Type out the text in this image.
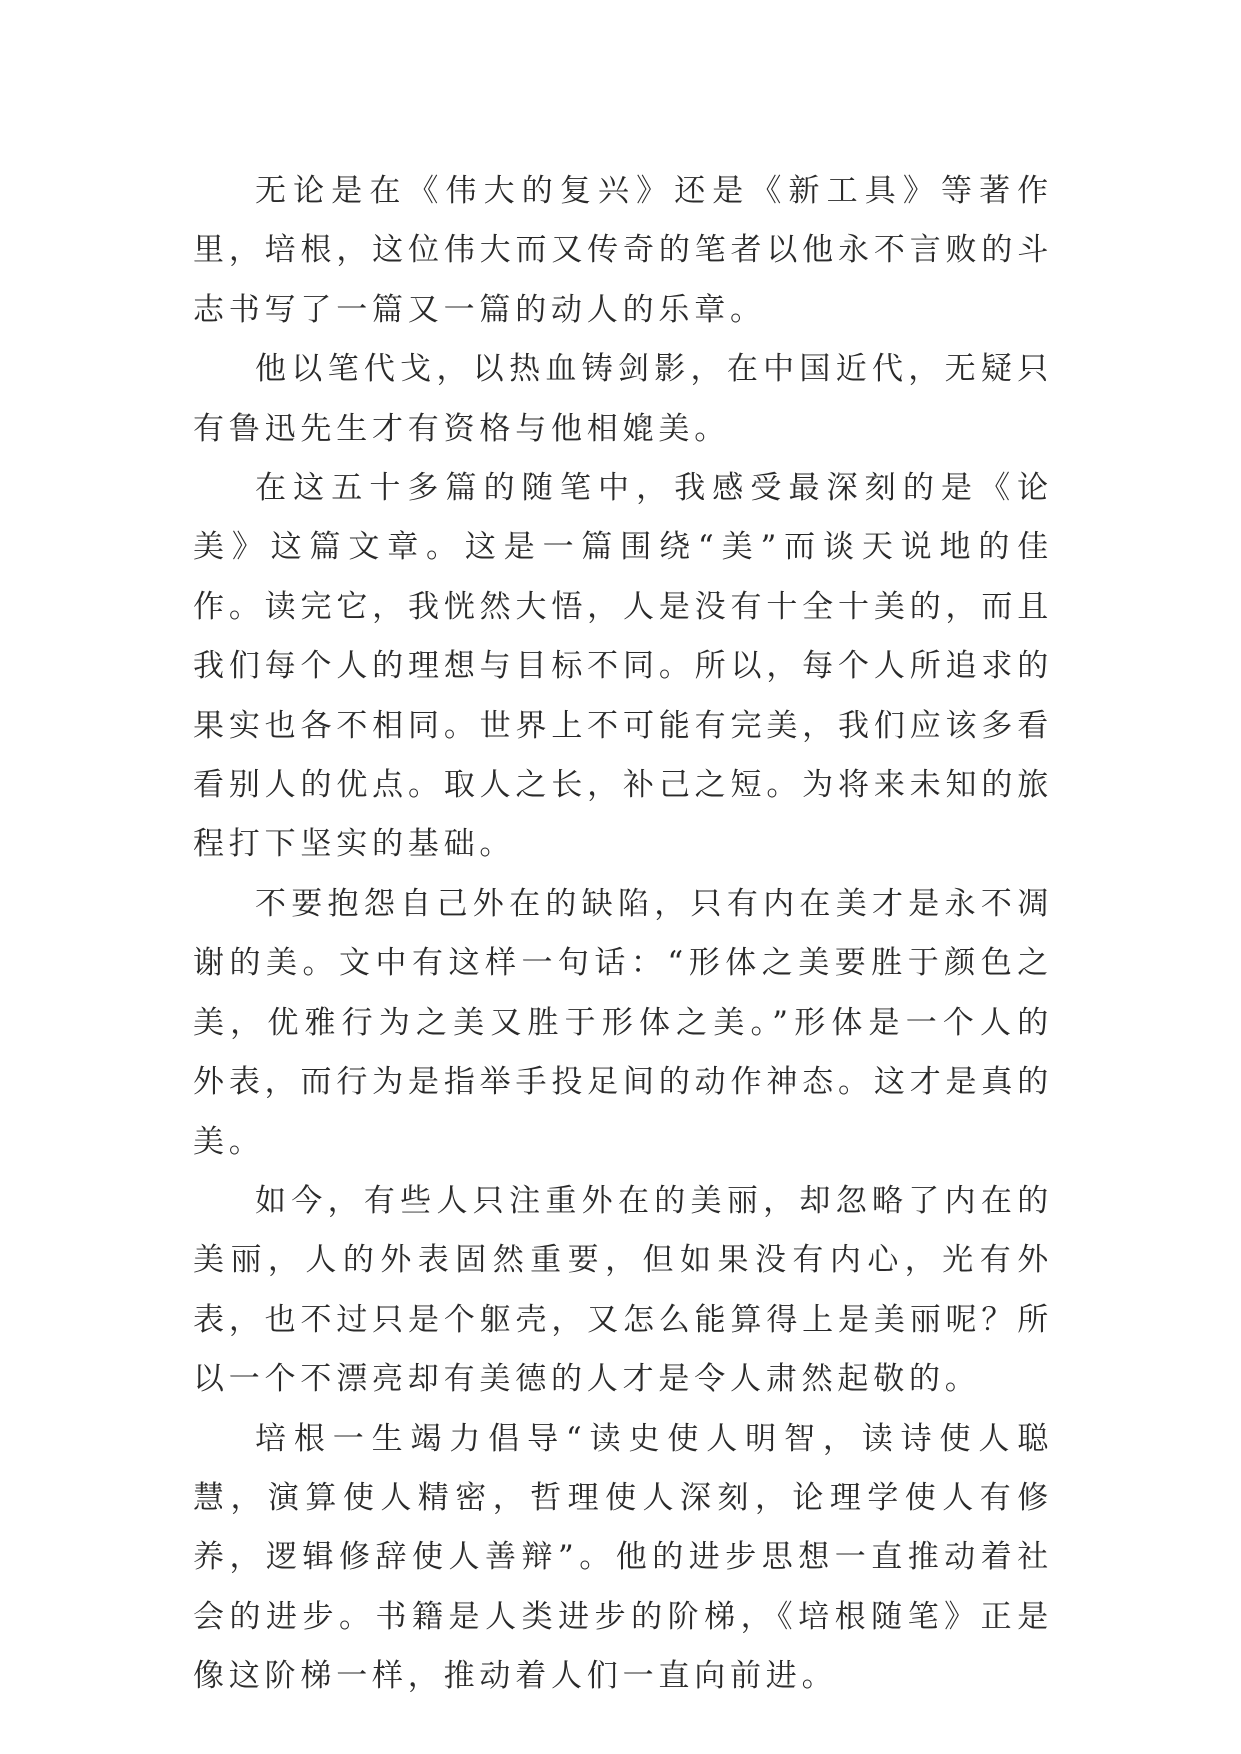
无论是在《伟大的复兴》还是《新工具》等著作里，培根，这位伟大而又传奇的笔者以他永不言败的斗志书写了一篇又一篇的动人的乐章。

他以笔代戈，以热血铸剑影，在中国近代，无疑只有鲁迅先生才有资格与他相媲美。

在这五十多篇的随笔中，我感受最深刻的是《论美》这篇文章。这是一篇围绕“美”而谈天说地的佳作。读完它，我恍然大悟，人是没有十全十美的，而且我们每个人的理想与目标不同。所以，每个人所追求的果实也各不相同。世界上不可能有完美，我们应该多看看别人的优点。取人之长，补己之短。为将来未知的旅程打下坚实的基础。

不要抱怨自己外在的缺陷，只有内在美才是永不凋谢的美。文中有这样一句话：“形体之美要胜于颜色之美，优雅行为之美又胜于形体之美。”形体是一个人的外表，而行为是指举手投足间的动作神态。这才是真的美。

如今，有些人只注重外在的美丽，却忽略了内在的美丽，人的外表固然重要，但如果没有内心，光有外表，也不过只是个躯壳，又怎么能算得上是美丽呢？所以一个不漂亮却有美德的人才是令人肃然起敬的。

培根一生竭力倡导“读史使人明智，读诗使人聪慧，演算使人精密，哲理使人深刻，论理学使人有修养，逻辑修辞使人善辩”。他的进步思想一直推动着社会的进步。书籍是人类进步的阶梯，《培根随笔》正是像这阶梯一样，推动着人们一直向前进。
